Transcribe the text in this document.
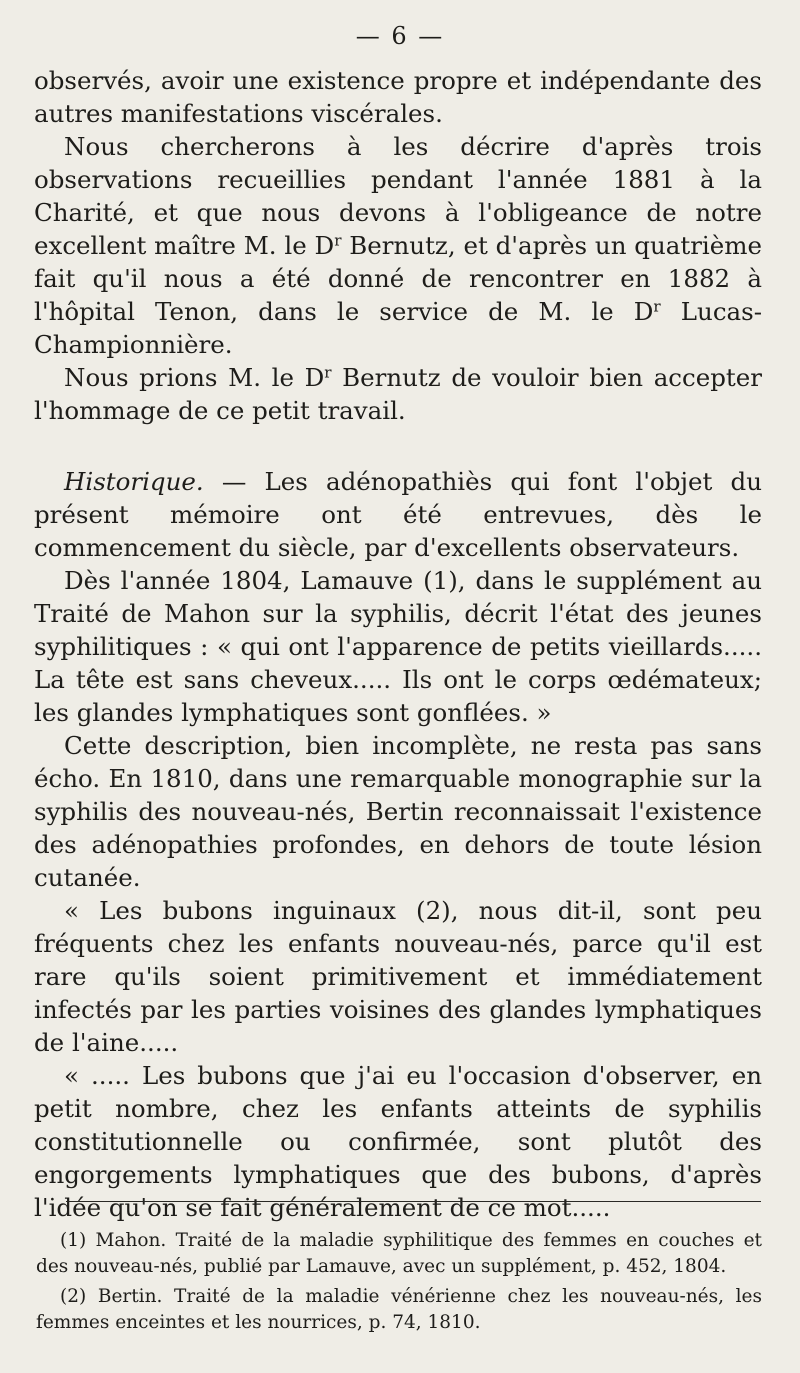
— 6 —

observés, avoir une existence propre et indépendante des autres manifestations viscérales.

Nous chercherons à les décrire d'après trois observations recueillies pendant l'année 1881 à la Charité, et que nous devons à l'obligeance de notre excellent maître M. le $D^r$ Bernutz, et d'après un quatrième fait qu'il nous a été donné de rencontrer en 1882 à l'hôpital Tenon, dans le service de M. le $D^r$ Lucas-Championnière.

Nous prions M. le $D^r$ Bernutz de vouloir bien accepter l'hommage de ce petit travail.

Historique. — Les adénopathiès qui font l'objet du présent mémoire ont été entrevues, dès le commencement du siècle, par d'excellents observateurs.

Dès l'année 1804, Lamauve (1), dans le supplément au Traité de Mahon sur la syphilis, décrit l'état des jeunes syphilitiques : « qui ont l'apparence de petits vieillards..... La tête est sans cheveux..... Ils ont le corps œdémateux; les glandes lymphatiques sont gonflées. »

Cette description, bien incomplète, ne resta pas sans écho. En 1810, dans une remarquable monographie sur la syphilis des nouveau-nés, Bertin reconnaissait l'existence des adénopathies profondes, en dehors de toute lésion cutanée.

« Les bubons inguinaux (2), nous dit-il, sont peu fréquents chez les enfants nouveau-nés, parce qu'il est rare qu'ils soient primitivement et immédiatement infectés par les parties voisines des glandes lymphatiques de l'aine.....

« ..... Les bubons que j'ai eu l'occasion d'observer, en petit nombre, chez les enfants atteints de syphilis constitutionnelle ou confirmée, sont plutôt des engorgements lymphatiques que des bubons, d'après l'idée qu'on se fait généralement de ce mot.....

(1) Mahon. Traité de la maladie syphilitique des femmes en couches et des nouveau-nés, publié par Lamauve, avec un supplément, p. 452, 1804.

(2) Bertin. Traité de la maladie vénérienne chez les nouveau-nés, les femmes enceintes et les nourrices, p. 74, 1810.
